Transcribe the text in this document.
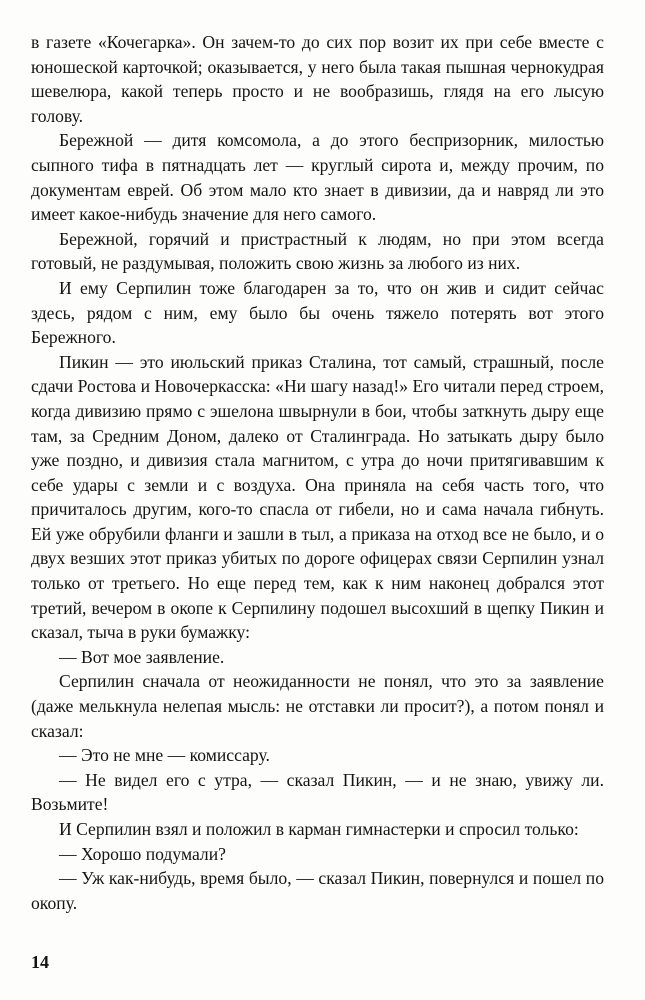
в газете «Кочегарка». Он зачем-то до сих пор возит их при себе вместе с юношеской карточкой; оказывается, у него была такая пышная чернокудрая шевелюра, какой теперь просто и не вообразишь, глядя на его лысую голову.

Бережной — дитя комсомола, а до этого беспризорник, милостью сыпного тифа в пятнадцать лет — круглый сирота и, между прочим, по документам еврей. Об этом мало кто знает в дивизии, да и навряд ли это имеет какое-нибудь значение для него самого.

Бережной, горячий и пристрастный к людям, но при этом всегда готовый, не раздумывая, положить свою жизнь за любого из них.

И ему Серпилин тоже благодарен за то, что он жив и сидит сейчас здесь, рядом с ним, ему было бы очень тяжело потерять вот этого Бережного.

Пикин — это июльский приказ Сталина, тот самый, страшный, после сдачи Ростова и Новочеркасска: «Ни шагу назад!» Его читали перед строем, когда дивизию прямо с эшелона швырнули в бои, чтобы заткнуть дыру еще там, за Средним Доном, далеко от Сталинграда. Но затыкать дыру было уже поздно, и дивизия стала магнитом, с утра до ночи притягивавшим к себе удары с земли и с воздуха. Она приняла на себя часть того, что причиталось другим, кого-то спасла от гибели, но и сама начала гибнуть. Ей уже обрубили фланги и зашли в тыл, а приказа на отход все не было, и о двух везших этот приказ убитых по дороге офицерах связи Серпилин узнал только от третьего. Но еще перед тем, как к ним наконец добрался этот третий, вечером в окопе к Серпилину подошел высохший в щепку Пикин и сказал, тыча в руки бумажку:

— Вот мое заявление.

Серпилин сначала от неожиданности не понял, что это за заявление (даже мелькнула нелепая мысль: не отставки ли просит?), а потом понял и сказал:

— Это не мне — комиссару.

— Не видел его с утра, — сказал Пикин, — и не знаю, увижу ли. Возьмите!

И Серпилин взял и положил в карман гимнастерки и спросил только:

— Хорошо подумали?

— Уж как-нибудь, время было, — сказал Пикин, повернулся и пошел по окопу.

14
